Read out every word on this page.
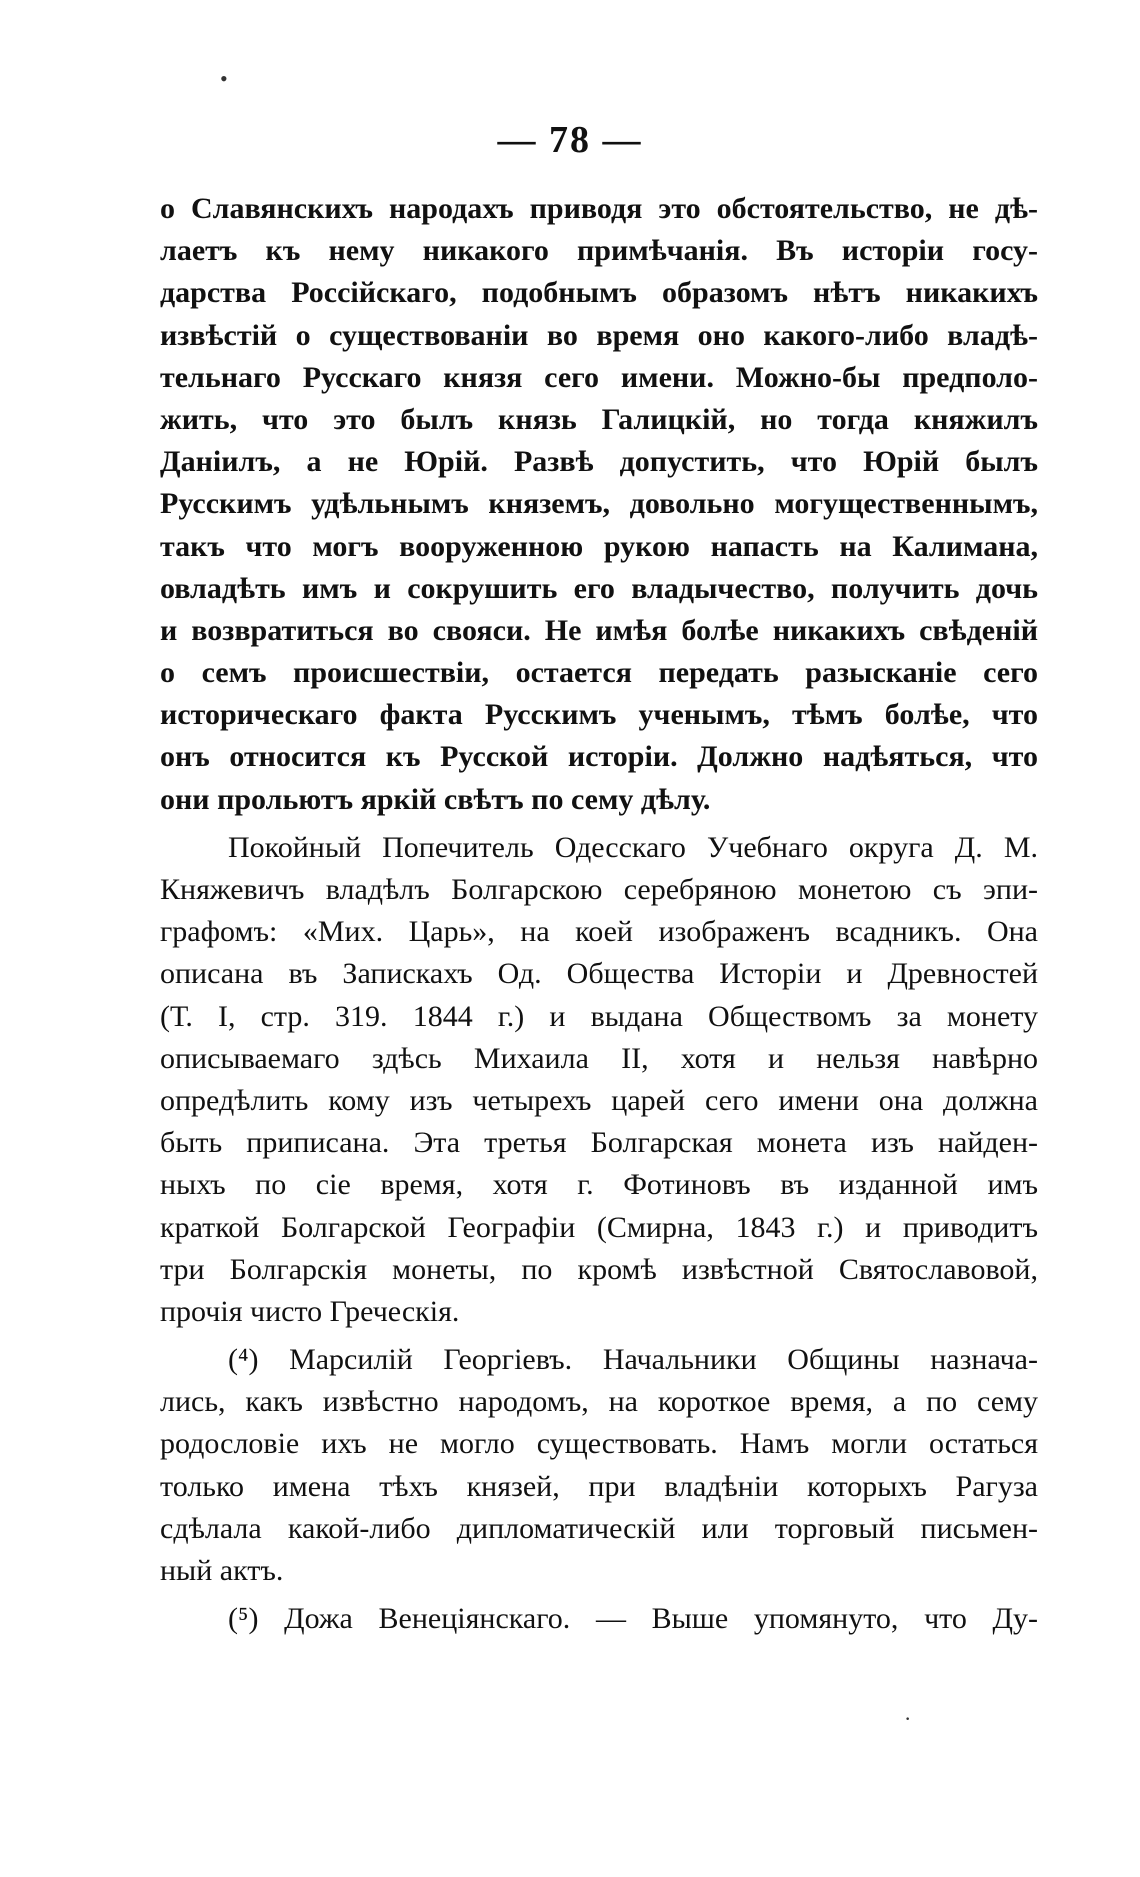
•
·
— 78 —
о Славянскихъ народахъ приводя это обстоятельство, не дѣ-
лаетъ къ нему никакого примѣчанія. Въ исторіи госу-
дарства Россійскаго, подобнымъ образомъ нѣтъ никакихъ
извѣстій о существованіи во время оно какого-либо владѣ-
тельнаго Русскаго князя сего имени. Можно-бы предполо-
жить, что это былъ князь Галицкій, но тогда княжилъ
Даніилъ, а не Юрій. Развѣ допустить, что Юрій былъ
Русскимъ удѣльнымъ княземъ, довольно могущественнымъ,
такъ что могъ вооруженною рукою напасть на Калимана,
овладѣть имъ и сокрушить его владычество, получить дочь
и возвратиться во свояси. Не имѣя болѣе никакихъ свѣденій
о семъ происшествіи, остается передать разысканіе сего
историческаго факта Русскимъ ученымъ, тѣмъ болѣе, что
онъ относится къ Русской исторіи. Должно надѣяться, что
они прольютъ яркій свѣтъ по сему дѣлу.
Покойный Попечитель Одесскаго Учебнаго округа Д. М.
Княжевичъ владѣлъ Болгарскою серебряною монетою съ эпи-
графомъ: «Мих. Царь», на коей изображенъ всадникъ. Она
описана въ Запискахъ Од. Общества Исторіи и Древностей
(Т. I, стр. 319. 1844 г.) и выдана Обществомъ за монету
описываемаго здѣсь Михаила II, хотя и нельзя навѣрно
опредѣлить кому изъ четырехъ царей сего имени она должна
быть приписана. Эта третья Болгарская монета изъ найден-
ныхъ по сіе время, хотя г. Фотиновъ въ изданной имъ
краткой Болгарской Географіи (Смирна, 1843 г.) и приводитъ
три Болгарскія монеты, по кромѣ извѣстной Святославовой,
прочія чисто Греческія.
(⁴) Марсилій Георгіевъ. Начальники Общины назнача-
лись, какъ извѣстно народомъ, на короткое время, а по сему
родословіе ихъ не могло существовать. Намъ могли остаться
только имена тѣхъ князей, при владѣніи которыхъ Рагуза
сдѣлала какой-либо дипломатическій или торговый письмен-
ный актъ.
(⁵) Дожа Венеціянскаго. — Выше упомянуто, что Ду-
